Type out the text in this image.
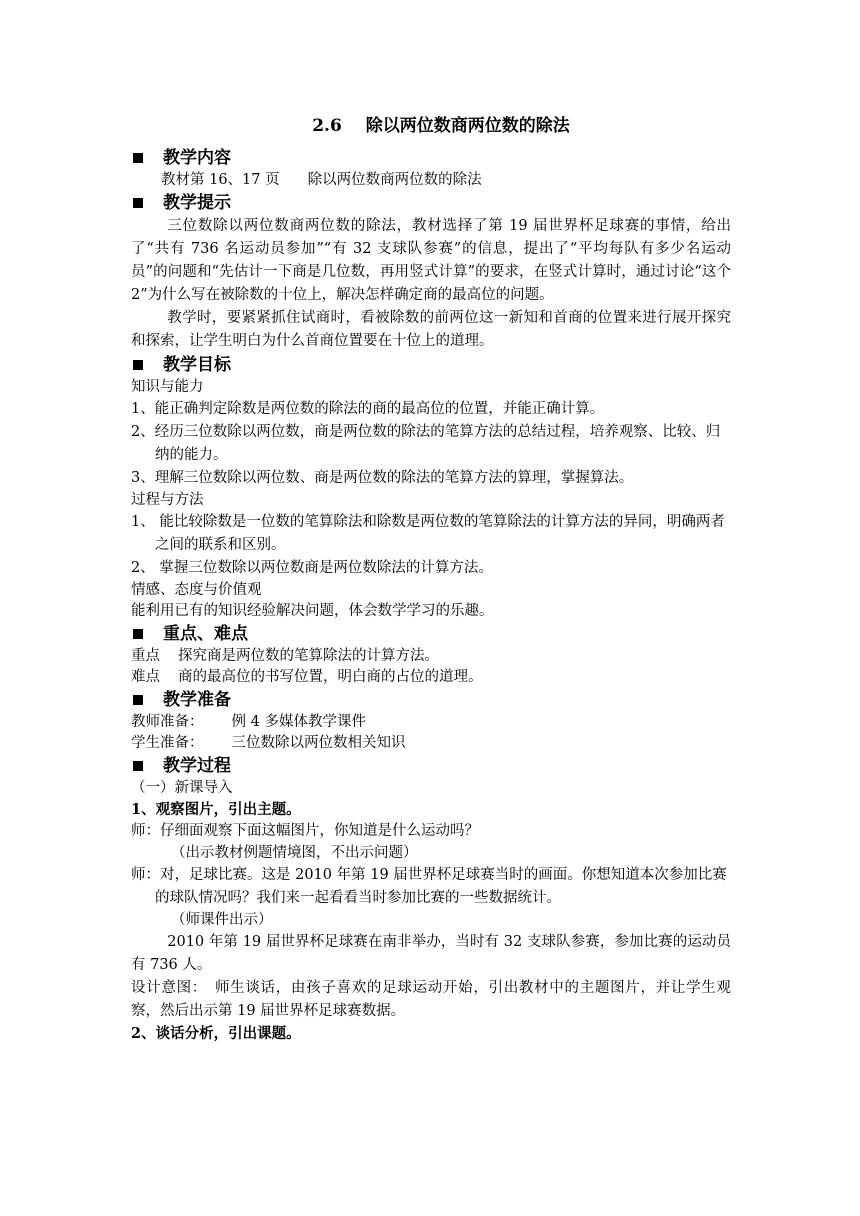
2.6 除以两位数商两位数的除法
教学内容

教材第 16、17 页 除以两位数商两位数的除法

教学提示

三位数除以两位数商两位数的除法，教材选择了第 19 届世界杯足球赛的事情，给出了“共有 736 名运动员参加”“有 32 支球队参赛”的信息，提出了“平均每队有多少名运动员”的问题和“先估计一下商是几位数，再用竖式计算”的要求，在竖式计算时，通过讨论“这个 2”为什么写在被除数的十位上，解决怎样确定商的最高位的问题。

教学时，要紧紧抓住试商时，看被除数的前两位这一新知和首商的位置来进行展开探究和探索，让学生明白为什么首商位置要在十位上的道理。

教学目标

知识与能力

1、能正确判定除数是两位数的除法的商的最高位的位置，并能正确计算。

2、经历三位数除以两位数，商是两位数的除法的笔算方法的总结过程，培养观察、比较、归纳的能力。

3、理解三位数除以两位数、商是两位数的除法的笔算方法的算理，掌握算法。

过程与方法

1、 能比较除数是一位数的笔算除法和除数是两位数的笔算除法的计算方法的异同，明确两者之间的联系和区别。

2、 掌握三位数除以两位数商是两位数除法的计算方法。

情感、态度与价值观

能利用已有的知识经验解决问题，体会数学学习的乐趣。

重点、难点

重点 探究商是两位数的笔算除法的计算方法。

难点 商的最高位的书写位置，明白商的占位的道理。

教学准备

教师准备： 例 4 多媒体教学课件

学生准备： 三位数除以两位数相关知识

教学过程

（一）新课导入

1、观察图片，引出主题。

师：仔细面观察下面这幅图片，你知道是什么运动吗？

（出示教材例题情境图，不出示问题）

师：对，足球比赛。这是 2010 年第 19 届世界杯足球赛当时的画面。你想知道本次参加比赛的球队情况吗？我们来一起看看当时参加比赛的一些数据统计。

（师课件出示）

2010 年第 19 届世界杯足球赛在南非举办，当时有 32 支球队参赛，参加比赛的运动员有 736 人。

设计意图：　师生谈话，由孩子喜欢的足球运动开始，引出教材中的主题图片，并让学生观察，然后出示第 19 届世界杯足球赛数据。

2、谈话分析，引出课题。
